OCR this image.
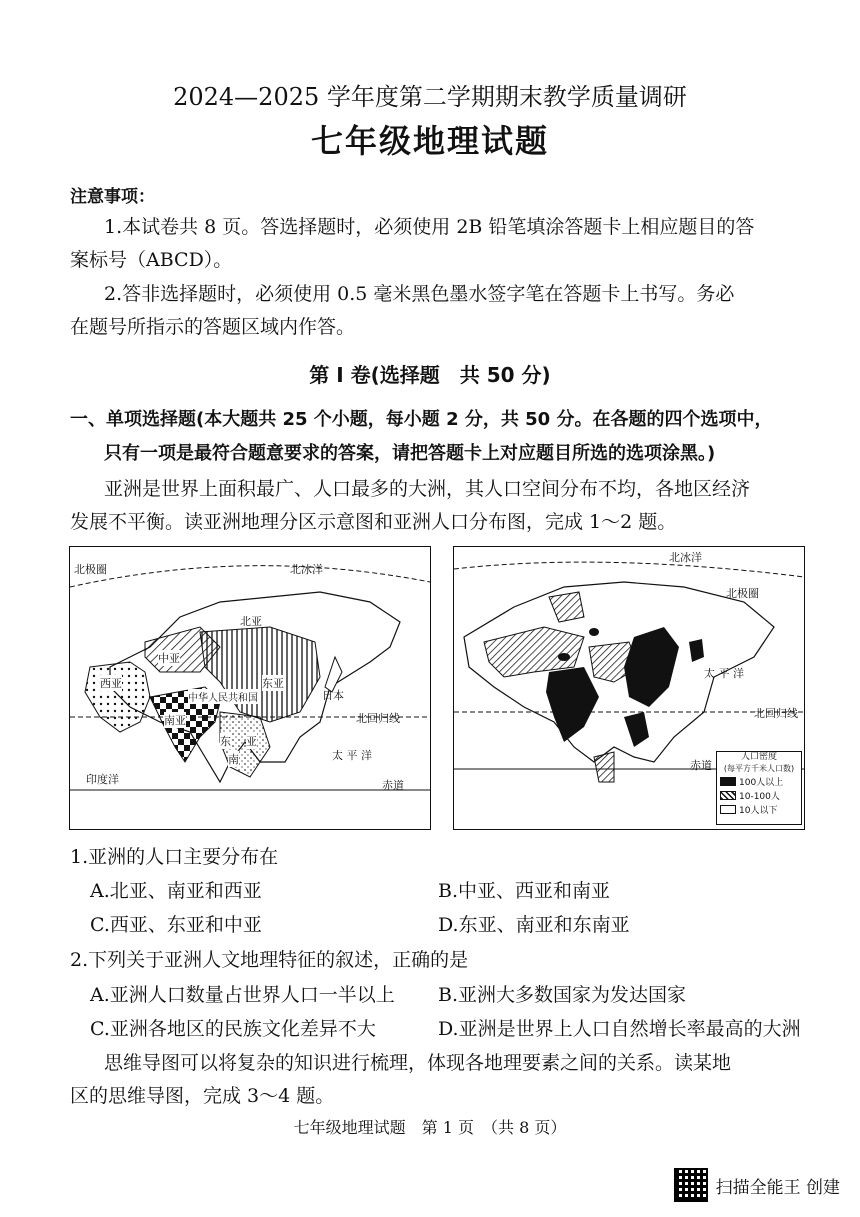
2024—2025 学年度第二学期期末教学质量调研
七年级地理试题
注意事项：
1.本试卷共 8 页。答选择题时，必须使用 2B 铅笔填涂答题卡上相应题目的答
案标号（ABCD）。
2.答非选择题时，必须使用 0.5 毫米黑色墨水签字笔在答题卡上书写。务必
在题号所指示的答题区域内作答。
第 I 卷(选择题　共 50 分)
一、单项选择题(本大题共 25 个小题，每小题 2 分，共 50 分。在各题的四个选项中，
只有一项是最符合题意要求的答案，请把答题卡上对应题目所选的选项涂黑。)
亚洲是世界上面积最广、人口最多的大洲，其人口空间分布不均，各地区经济
发展不平衡。读亚洲地理分区示意图和亚洲人口分布图，完成 1～2 题。
北极圈	北冰洋
北亚
中亚
西亚
中华人民共和国
东亚
日本
南亚	北回归线
东
南
亚
太 平 洋
印度洋	赤道
北冰洋
北极圈
太 平 洋
北回归线
赤道
人口密度
(每平方千米人口数)
100人以上
10-100人
10人以下
1.亚洲的人口主要分布在
A.北亚、南亚和西亚	B.中亚、西亚和南亚
C.西亚、东亚和中亚	D.东亚、南亚和东南亚
2.下列关于亚洲人文地理特征的叙述，正确的是
A.亚洲人口数量占世界人口一半以上 B.亚洲大多数国家为发达国家
C.亚洲各地区的民族文化差异不大	D.亚洲是世界上人口自然增长率最高的大洲
思维导图可以将复杂的知识进行梳理，体现各地理要素之间的关系。读某地
区的思维导图，完成 3～4 题。
七年级地理试题　第 1 页　（共 8 页）
扫描全能王 创建
